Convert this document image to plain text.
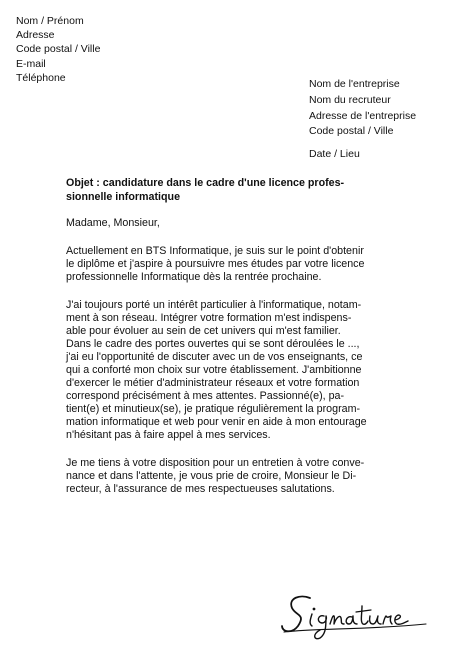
Nom / Prénom
Adresse
Code postal / Ville
E-mail
Téléphone
Nom de l'entreprise
Nom du recruteur
Adresse de l'entreprise
Code postal / Ville
Date / Lieu
Objet : candidature dans le cadre d'une licence profes-
sionnelle informatique
Madame, Monsieur,
Actuellement en BTS Informatique, je suis sur le point d'obtenir
le diplôme et j'aspire à poursuivre mes études par votre licence
professionnelle Informatique dès la rentrée prochaine.
J'ai toujours porté un intérêt particulier à l'informatique, notam-
ment à son réseau. Intégrer votre formation m'est indispens-
able pour évoluer au sein de cet univers qui m'est familier.
Dans le cadre des portes ouvertes qui se sont déroulées le ...,
j'ai eu l'opportunité de discuter avec un de vos enseignants, ce
qui a conforté mon choix sur votre établissement. J'ambitionne
d'exercer le métier d'administrateur réseaux et votre formation
correspond précisément à mes attentes. Passionné(e), pa-
tient(e) et minutieux(se), je pratique régulièrement la program-
mation informatique et web pour venir en aide à mon entourage
n'hésitant pas à faire appel à mes services.
Je me tiens à votre disposition pour un entretien à votre conve-
nance et dans l'attente, je vous prie de croire, Monsieur le Di-
recteur, à l'assurance de mes respectueuses salutations.
